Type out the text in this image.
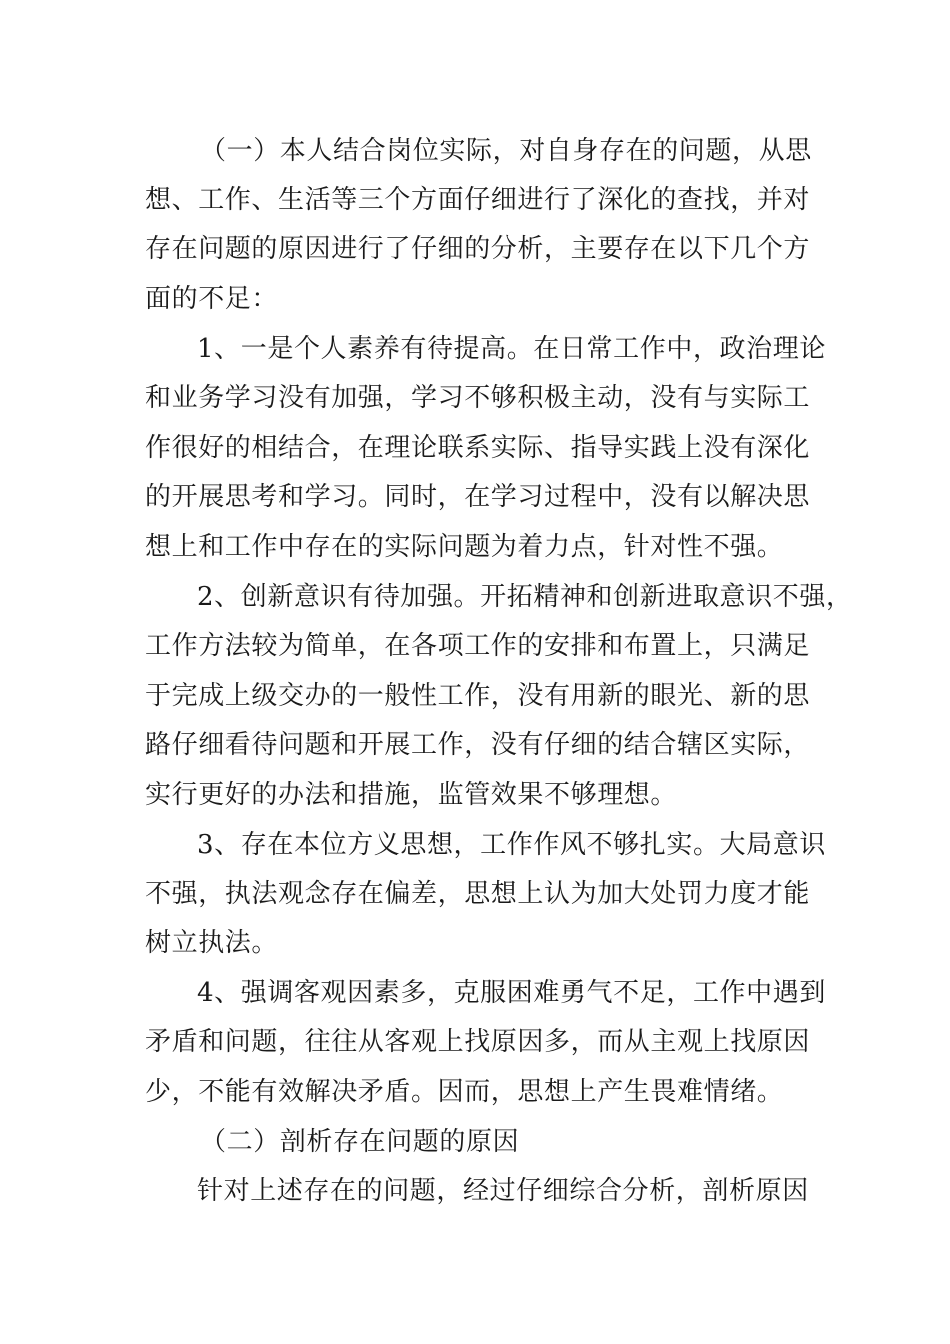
（一）本人结合岗位实际，对自身存在的问题，从思
想、工作、生活等三个方面仔细进行了深化的查找，并对
存在问题的原因进行了仔细的分析，主要存在以下几个方
面的不足：
1、一是个人素养有待提高。在日常工作中，政治理论
和业务学习没有加强，学习不够积极主动，没有与实际工
作很好的相结合，在理论联系实际、指导实践上没有深化
的开展思考和学习。同时，在学习过程中，没有以解决思
想上和工作中存在的实际问题为着力点，针对性不强。
2、创新意识有待加强。开拓精神和创新进取意识不强，
工作方法较为简单，在各项工作的安排和布置上，只满足
于完成上级交办的一般性工作，没有用新的眼光、新的思
路仔细看待问题和开展工作，没有仔细的结合辖区实际，
实行更好的办法和措施，监管效果不够理想。
3、存在本位方义思想，工作作风不够扎实。大局意识
不强，执法观念存在偏差，思想上认为加大处罚力度才能
树立执法。
4、强调客观因素多，克服困难勇气不足，工作中遇到
矛盾和问题，往往从客观上找原因多，而从主观上找原因
少，不能有效解决矛盾。因而，思想上产生畏难情绪。
（二）剖析存在问题的原因
针对上述存在的问题，经过仔细综合分析，剖析原因
